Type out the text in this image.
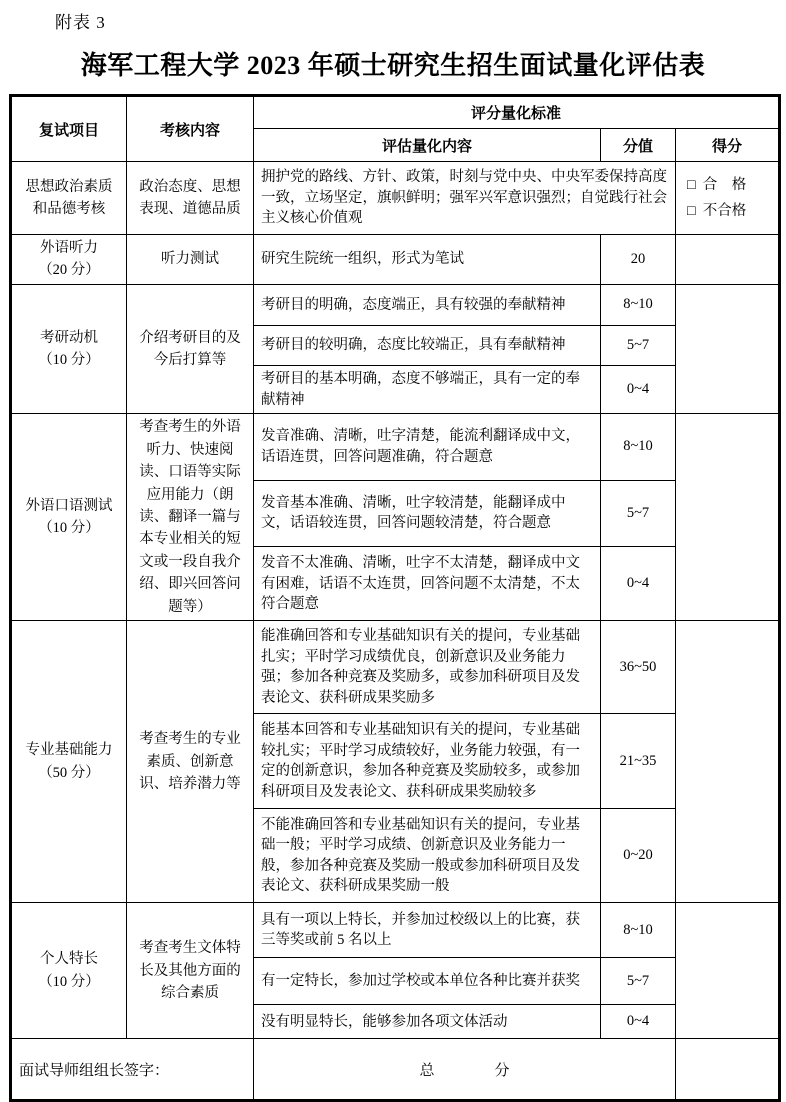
附表 3
海军工程大学 2023 年硕士研究生招生面试量化评估表
复试项目	考核内容	评分量化标准		
		评估量化内容	分值	得分

思想政治素质
和品德考核
	政治态度、思想表现、道德品质	拥护党的路线、方针、政策，时刻与党中央、中央军委保持高度一致，立场坚定，旗帜鲜明；强军兴军意识强烈；自觉践行社会主义核心价值观	
□ 合　格
□ 不合格

外语听力
（20 分）	听力测试	研究生院统一组织，形式为笔试	20	

考研动机
（10 分）	介绍考研目的及今后打算等	考研目的明确，态度端正，具有较强的奉献精神	8~10	
		考研目的较明确，态度比较端正，具有奉献精神	5~7	
		考研目的基本明确，态度不够端正，具有一定的奉献精神	0~4	

外语口语测试
（10 分）	考查考生的外语听力、快速阅读、口语等实际应用能力（朗读、翻译一篇与本专业相关的短文或一段自我介绍、即兴回答问题等）	发音准确、清晰，吐字清楚，能流利翻译成中文，话语连贯，回答问题准确，符合题意	8~10	
		发音基本准确、清晰，吐字较清楚，能翻译成中文，话语较连贯，回答问题较清楚，符合题意	5~7	
		发音不太准确、清晰，吐字不太清楚，翻译成中文有困难，话语不太连贯，回答问题不太清楚，不太符合题意	0~4	

专业基础能力
（50 分）	考查考生的专业素质、创新意识、培养潜力等	能准确回答和专业基础知识有关的提问，专业基础扎实；平时学习成绩优良，创新意识及业务能力强；参加各种竞赛及奖励多，或参加科研项目及发表论文、获科研成果奖励多	36~50	
		能基本回答和专业基础知识有关的提问，专业基础较扎实；平时学习成绩较好，业务能力较强，有一定的创新意识，参加各种竞赛及奖励较多，或参加科研项目及发表论文、获科研成果奖励较多	21~35	
		不能准确回答和专业基础知识有关的提问，专业基础一般；平时学习成绩、创新意识及业务能力一般，参加各种竞赛及奖励一般或参加科研项目及发表论文、获科研成果奖励一般	0~20	

个人特长
（10 分）	考查考生文体特长及其他方面的综合素质	具有一项以上特长，并参加过校级以上的比赛，获三等奖或前 5 名以上	8~10	
		有一定特长，参加过学校或本单位各种比赛并获奖	5~7	
		没有明显特长，能够参加各项文体活动	0~4	
面试导师组组长签字：		总　　　　分		
